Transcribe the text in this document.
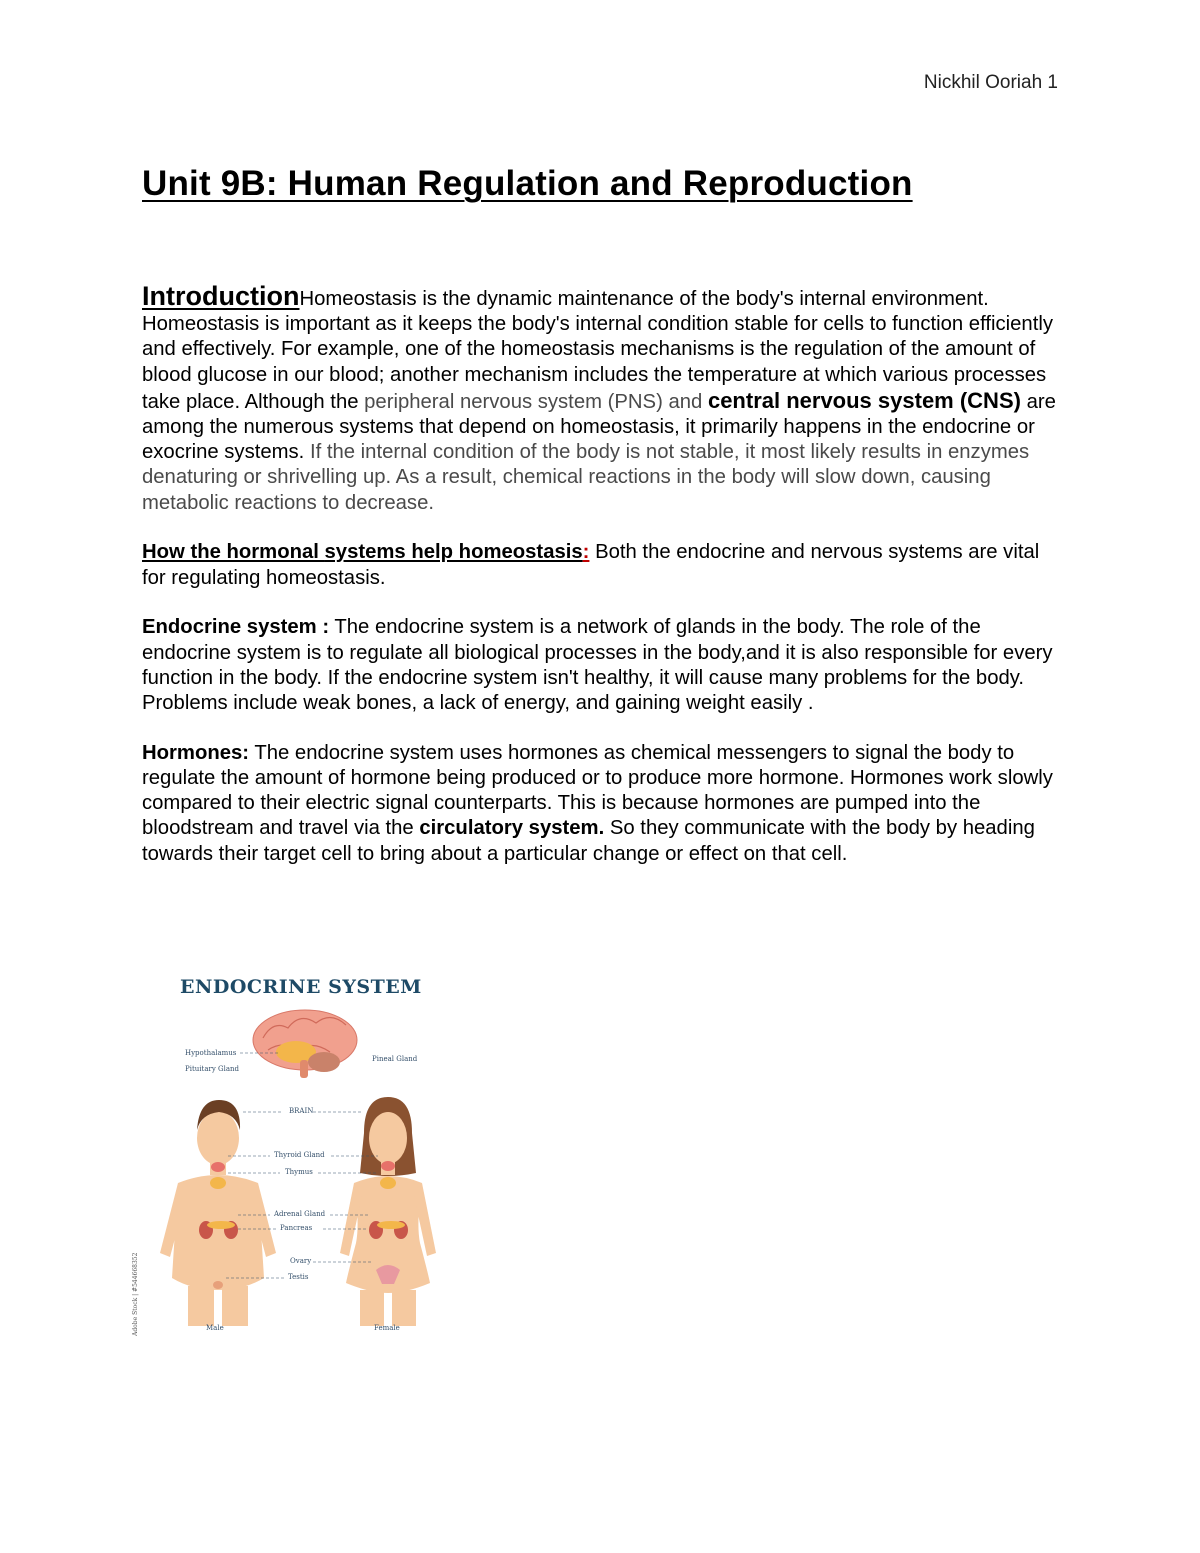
Nickhil Ooriah 1
Unit 9B: Human Regulation and Reproduction

IntroductionHomeostasis is the dynamic maintenance of the body's internal environment. Homeostasis is important as it keeps the body's internal condition stable for cells to function efficiently and effectively. For example, one of the homeostasis mechanisms is the regulation of the amount of blood glucose in our blood; another mechanism includes the temperature at which various processes take place. Although the peripheral nervous system (PNS) and central nervous system (CNS) are among the numerous systems that depend on homeostasis, it primarily happens in the endocrine or exocrine systems. If the internal condition of the body is not stable, it most likely results in enzymes denaturing or shrivelling up. As a result, chemical reactions in the body will slow down, causing metabolic reactions to decrease.

How the hormonal systems help homeostasis: Both the endocrine and nervous systems are vital for regulating homeostasis.

Endocrine system : The endocrine system is a network of glands in the body. The role of the endocrine system is to regulate all biological processes in the body,and it is also responsible for every function in the body. If the endocrine system isn't healthy, it will cause many problems for the body. Problems include weak bones, a lack of energy, and gaining weight easily .

Hormones: The endocrine system uses hormones as chemical messengers to signal the body to regulate the amount of hormone being produced or to produce more hormone. Hormones work slowly compared to their electric signal counterparts. This is because hormones are pumped into the bloodstream and travel via the circulatory system. So they communicate with the body by heading towards their target cell to bring about a particular change or effect on that cell.

ENDOCRINE SYSTEM
Hypothalamus
Pituitary Gland
Pineal Gland
BRAIN
Thyroid Gland
Thymus
Adrenal Gland
Pancreas
Ovary
Testis
Male	Female
Adobe Stock | #544668352
